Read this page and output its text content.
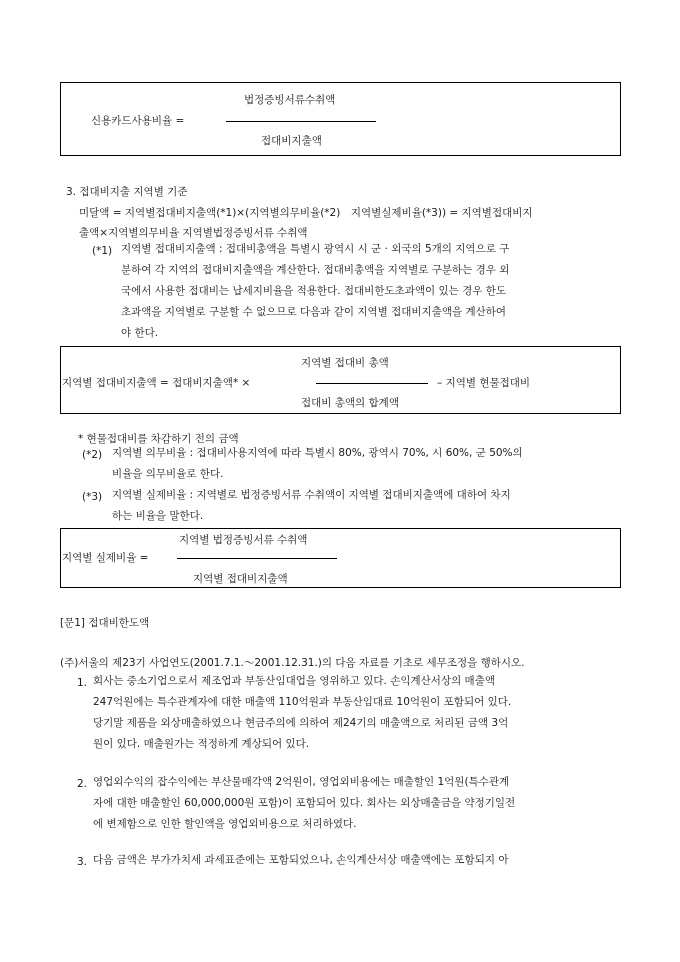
법정증빙서류수취액
신용카드사용비율 =
접대비지출액
3. 접대비지출 지역별 기준
미달액 = 지역별접대비지출액(*1)×(지역별의무비율(*2)　지역별실제비율(*3)) = 지역별접대비지
출액×지역별의무비율 지역별법정증빙서류 수취액
(*1) 지역별 접대비지출액 : 접대비총액을 특별시 광역시 시 군 · 외국의 5개의 지역으로 구
분하여 각 지역의 접대비지출액을 계산한다. 접대비총액을 지역별로 구분하는 경우 외
국에서 사용한 접대비는 납세지비율을 적용한다. 접대비한도초과액이 있는 경우 한도
초과액을 지역별로 구분할 수 없으므로 다음과 같이 지역별 접대비지출액을 계산하여
야 한다.
지역별 접대비 총액
지역별 접대비지출액 = 접대비지출액* ×	– 지역별 현물접대비
접대비 총액의 합계액
* 현물접대비를 차감하기 전의 금액
(*2) 지역별 의무비율 : 접대비사용지역에 따라 특별시 80%, 광역시 70%, 시 60%, 군 50%의
비율을 의무비율로 한다.
(*3) 지역별 실제비율 : 지역별로 법정증빙서류 수취액이 지역별 접대비지출액에 대하여 차지
하는 비율을 말한다.
지역별 법정증빙서류 수취액
지역별 실제비율 =
지역별 접대비지출액
[문1] 접대비한도액
(주)서울의 제23기 사업연도(2001.7.1.～2001.12.31.)의 다음 자료를 기초로 세무조정을 행하시오.
1. 회사는 중소기업으로서 제조업과 부동산임대업을 영위하고 있다. 손익계산서상의 매출액
247억원에는 특수관계자에 대한 매출액 110억원과 부동산임대료 10억원이 포함되어 있다.
당기말 제품을 외상매출하였으나 현금주의에 의하여 제24기의 매출액으로 처리된 금액 3억
원이 있다. 매출원가는 적정하게 계상되어 있다.
2. 영업외수익의 잡수익에는 부산물매각액 2억원이, 영업외비용에는 매출할인 1억원(특수관계
자에 대한 매출할인 60,000,000원 포함)이 포함되어 있다. 회사는 외상매출금을 약정기일전
에 변제함으로 인한 할인액을 영업외비용으로 처리하였다.
3. 다음 금액은 부가가치세 과세표준에는 포함되었으나, 손익계산서상 매출액에는 포함되지 아
